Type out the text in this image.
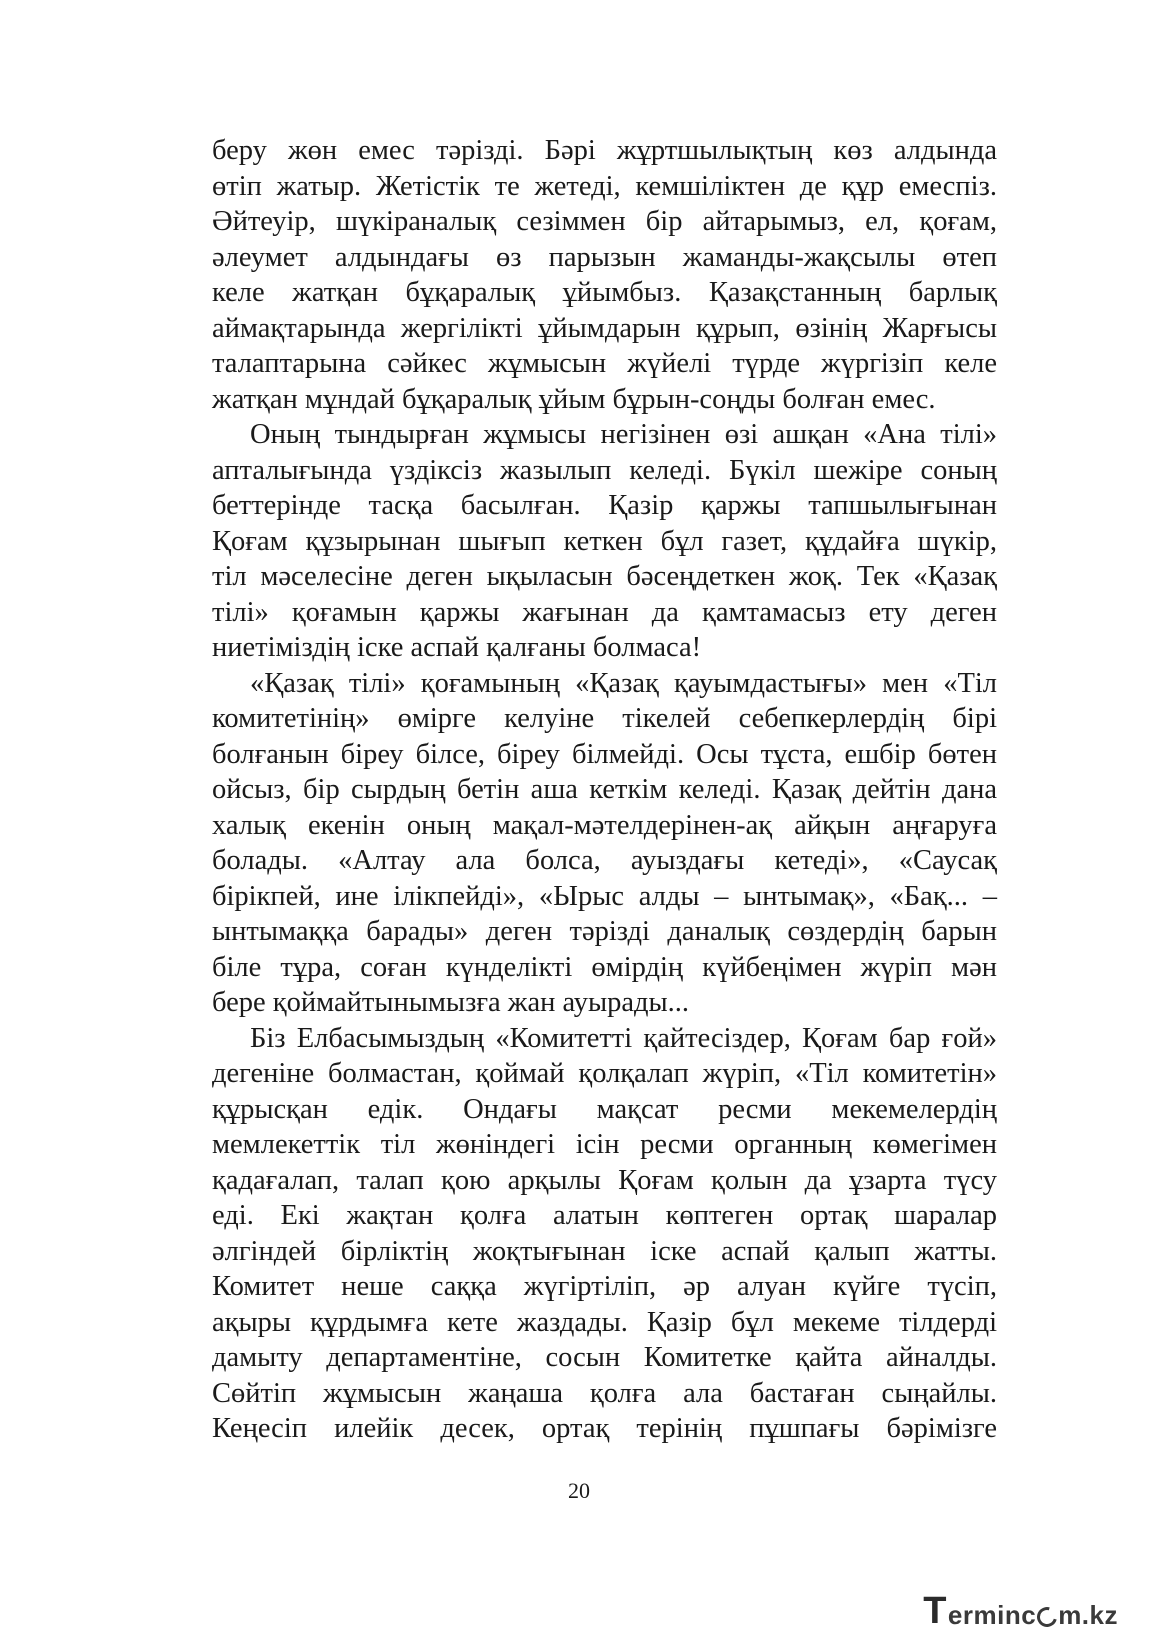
беру жөн емес тәрізді. Бәрі жұртшылықтың көз алдында
өтіп жатыр. Жетістік те жетеді, кемшіліктен де құр емеспіз.
Әйтеуір, шүкіраналық сезіммен бір айтарымыз, ел, қоғам,
әлеумет алдындағы өз парызын жаманды-жақсылы өтеп
келе жатқан бұқаралық ұйымбыз. Қазақстанның барлық
аймақтарында жергілікті ұйымдарын құрып, өзінің Жарғысы
талаптарына сәйкес жұмысын жүйелі түрде жүргізіп келе
жатқан мұндай бұқаралық ұйым бұрын-соңды болған емес.
Оның тындырған жұмысы негізінен өзі ашқан «Ана тілі»
апталығында үздіксіз жазылып келеді. Бүкіл шежіре соның
беттерінде тасқа басылған. Қазір қаржы тапшылығынан
Қоғам құзырынан шығып кеткен бұл газет, құдайға шүкір,
тіл мәселесіне деген ықыласын бәсеңдеткен жоқ. Тек «Қазақ
тілі» қоғамын қаржы жағынан да қамтамасыз ету деген
ниетіміздің іске аспай қалғаны болмаса!
«Қазақ тілі» қоғамының «Қазақ қауымдастығы» мен «Тіл
комитетінің» өмірге келуіне тікелей себепкерлердің бірі
болғанын біреу білсе, біреу білмейді. Осы тұста, ешбір бөтен
ойсыз, бір сырдың бетін аша кеткім келеді. Қазақ дейтін дана
халық екенін оның мақал-мәтелдерінен-ақ айқын аңғаруға
болады. «Алтау ала болса, ауыздағы кетеді», «Саусақ
бірікпей, ине ілікпейді», «Ырыс алды – ынтымақ», «Бақ... –
ынтымаққа барады» деген тәрізді даналық сөздердің барын
біле тұра, соған күнделікті өмірдің күйбеңімен жүріп мән
бере қоймайтынымызға жан ауырады...
Біз Елбасымыздың «Комитетті қайтесіздер, Қоғам бар ғой»
дегеніне болмастан, қоймай қолқалап жүріп, «Тіл комитетін»
құрысқан едік. Ондағы мақсат ресми мекемелердің
мемлекеттік тіл жөніндегі ісін ресми органның көмегімен
қадағалап, талап қою арқылы Қоғам қолын да ұзарта түсу
еді. Екі жақтан қолға алатын көптеген ортақ шаралар
әлгіндей бірліктің жоқтығынан іске аспай қалып жатты.
Комитет неше саққа жүгіртіліп, әр алуан күйге түсіп,
ақыры құрдымға кете жаздады. Қазір бұл мекеме тілдерді
дамыту департаментіне, сосын Комитетке қайта айналды.
Сөйтіп жұмысын жаңаша қолға ала бастаған сыңайлы.
Кеңесіп илейік десек, ортақ терінің пұшпағы бәрімізге
20
T erminc m.kz
